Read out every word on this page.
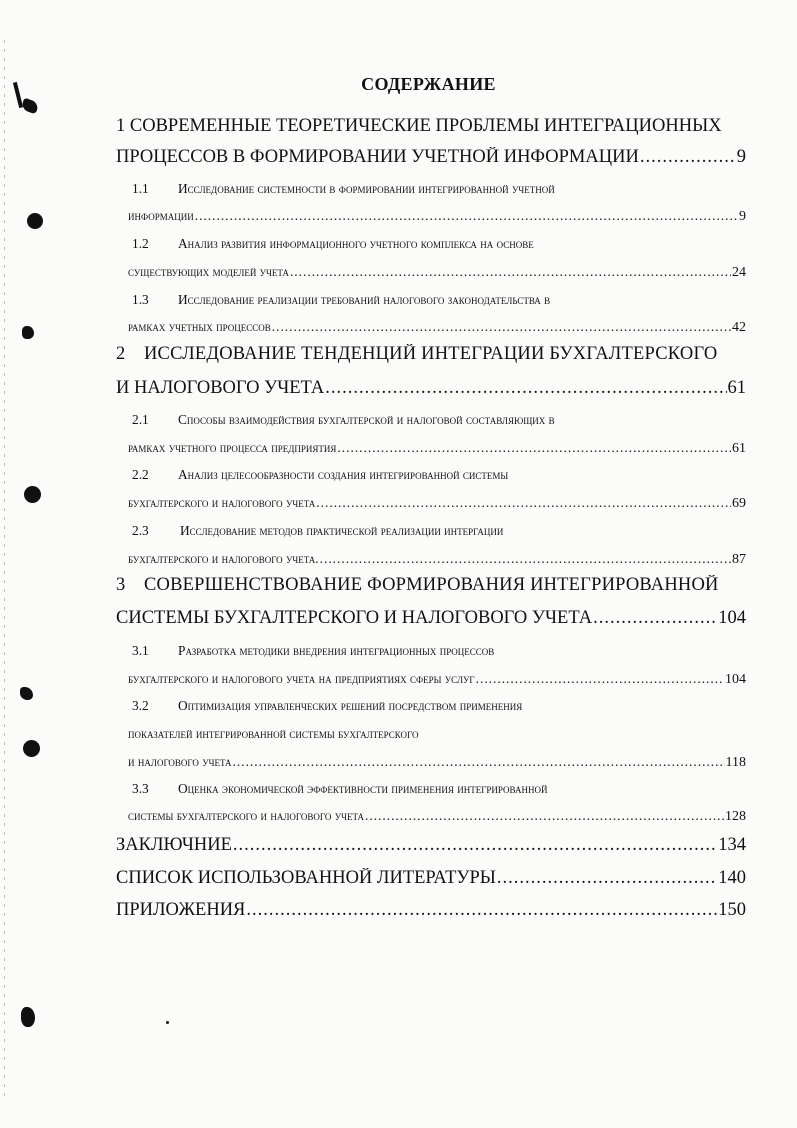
СОДЕРЖАНИЕ
1 СОВРЕМЕННЫЕ ТЕОРЕТИЧЕСКИЕ ПРОБЛЕМЫ ИНТЕГРАЦИОННЫХ
ПРОЦЕССОВ В ФОРМИРОВАНИИ УЧЕТНОЙ ИНФОРМАЦИИ .....	9
1.1	Исследование системности в формировании интегрированной учетной
информации .....	9
1.2	Анализ развития информационного учетного комплекса на основе
существующих моделей учета .....	24
1.3	Исследование реализации требований налогового законодательства в
рамках учетных процессов .....	42
2	ИССЛЕДОВАНИЕ ТЕНДЕНЦИЙ ИНТЕГРАЦИИ БУХГАЛТЕРСКОГО
И НАЛОГОВОГО УЧЕТА .....	61
2.1	Способы взаимодействия бухгалтерской и налоговой составляющих в
рамках учетного процесса предприятия .....	61
2.2	Анализ целесообразности создания интегрированной системы
бухгалтерского и налогового учета .....	69
2.3	Исследование методов практической реализации интергации
бухгалтерского и налогового учета. .....	87
3	СОВЕРШЕНСТВОВАНИЕ ФОРМИРОВАНИЯ ИНТЕГРИРОВАННОЙ
СИСТЕМЫ БУХГАЛТЕРСКОГО И НАЛОГОВОГО УЧЕТА .....	104
3.1	Разработка методики внедрения интеграционных процессов
бухгалтерского и налогового учета на предприятиях сферы услуг .....	104
3.2	Оптимизация управленческих решений посредством применения
показателей интегрированной системы бухгалтерского
и налогового учета .....	118
3.3	Оценка экономической эффективности применения интегрированной
системы бухгалтерского и налогового учета .....	128
ЗАКЛЮЧНИЕ .....	134
СПИСОК ИСПОЛЬЗОВАННОЙ ЛИТЕРАТУРЫ .....	140
ПРИЛОЖЕНИЯ .....	150
